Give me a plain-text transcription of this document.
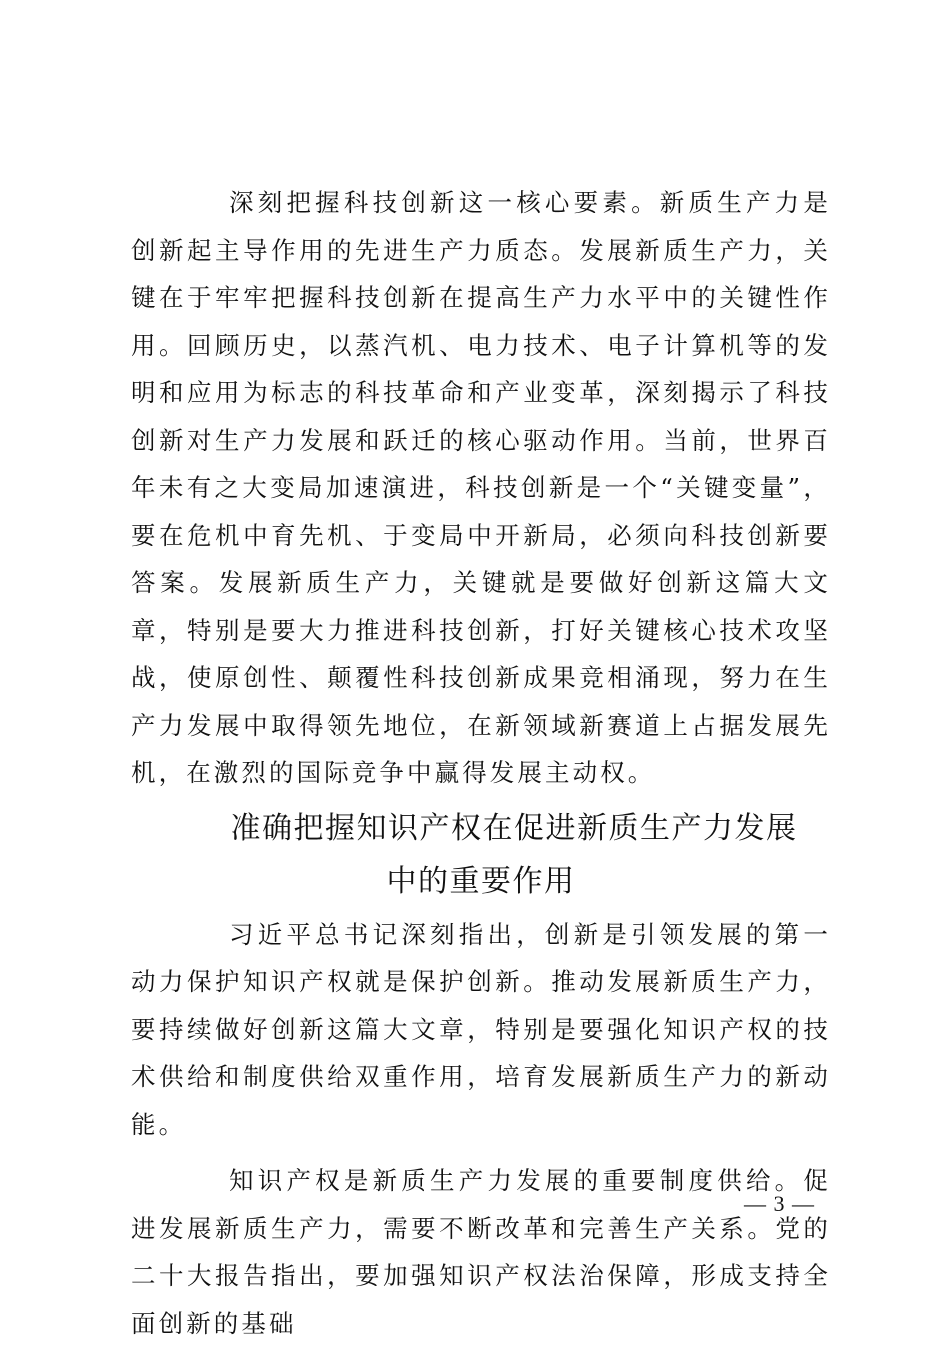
深刻把握科技创新这一核心要素。新质生产力是创新起主导作用的先进生产力质态。发展新质生产力，关键在于牢牢把握科技创新在提高生产力水平中的关键性作用。回顾历史，以蒸汽机、电力技术、电子计算机等的发明和应用为标志的科技革命和产业变革，深刻揭示了科技创新对生产力发展和跃迁的核心驱动作用。当前，世界百年未有之大变局加速演进，科技创新是一个“关键变量”，要在危机中育先机、于变局中开新局，必须向科技创新要答案。发展新质生产力，关键就是要做好创新这篇大文章，特别是要大力推进科技创新，打好关键核心技术攻坚战，使原创性、颠覆性科技创新成果竞相涌现，努力在生产力发展中取得领先地位，在新领域新赛道上占据发展先机，在激烈的国际竞争中赢得发展主动权。

准确把握知识产权在促进新质生产力发展
中的重要作用

习近平总书记深刻指出，创新是引领发展的第一动力保护知识产权就是保护创新。推动发展新质生产力，要持续做好创新这篇大文章，特别是要强化知识产权的技术供给和制度供给双重作用，培育发展新质生产力的新动能。

知识产权是新质生产力发展的重要制度供给。促进发展新质生产力，需要不断改革和完善生产关系。党的二十大报告指出，要加强知识产权法治保障，形成支持全面创新的基础

— 3 —
